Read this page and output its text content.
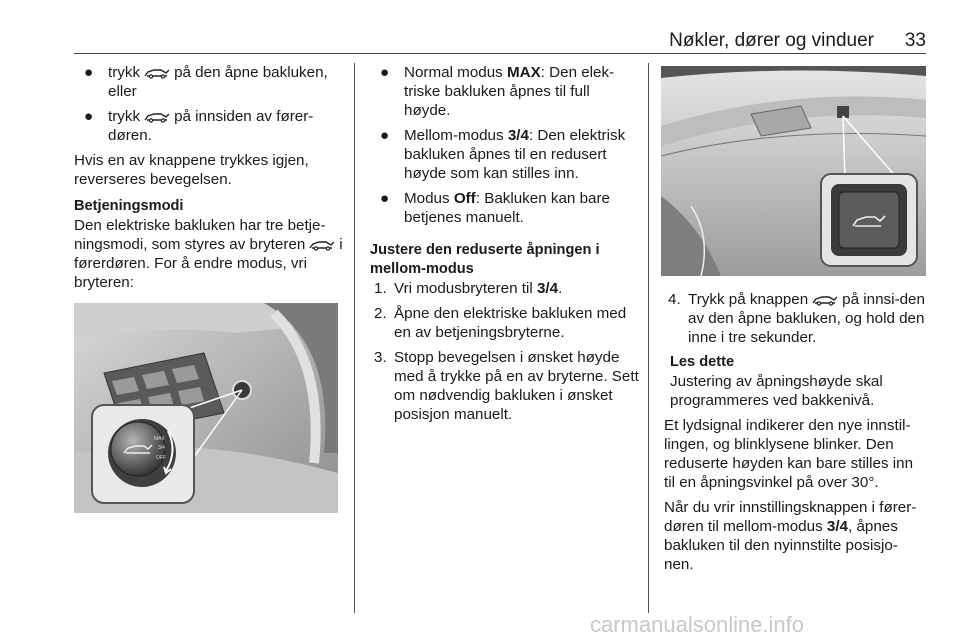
Nøkler, dører og vinduer 33
● trykk på den åpne bakluken, eller
● trykk på innsiden av fører-døren.

Hvis en av knappene trykkes igjen, reverseres bevegelsen.

Betjeningsmodi

Den elektriske bakluken har tre betje-ningsmodi, som styres av bryteren i førerdøren. For å endre modus, vri bryteren:

MAX
3/4
OFF
● Normal modus MAX: Den elek-triske bakluken åpnes til full høyde.
● Mellom-modus 3/4: Den elektrisk bakluken åpnes til en redusert høyde som kan stilles inn.
● Modus Off: Bakluken kan bare betjenes manuelt.

Justere den reduserte åpningen i mellom-modus

1. Vri modusbryteren til 3/4.
2. Åpne den elektriske bakluken med en av betjeningsbryterne.
3. Stopp bevegelsen i ønsket høyde med å trykke på en av bryterne. Sett om nødvendig bakluken i ønsket posisjon manuelt.
4. Trykk på knappen på innsi-den av den åpne bakluken, og hold den inne i tre sekunder.

Les dette

Justering av åpningshøyde skal programmeres ved bakkenivå.

Et lydsignal indikerer den nye innstil-lingen, og blinklysene blinker. Den reduserte høyden kan bare stilles inn til en åpningsvinkel på over 30°.

Når du vrir innstillingsknappen i fører-døren til mellom-modus 3/4, åpnes bakluken til den nyinnstilte posisjo-nen.

carmanualsonline.info
